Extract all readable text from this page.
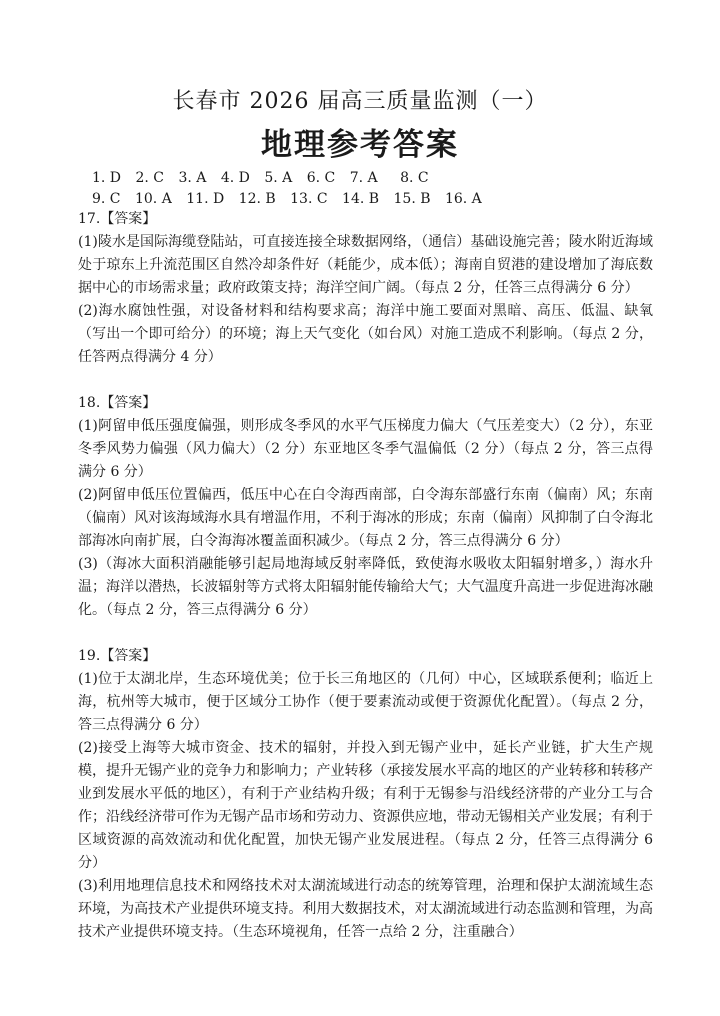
长春市 2026 届高三质量监测（一）
地理参考答案
1. D 2. C 3. A 4. D 5. A 6. C 7. A 8. C
9. C 10. A 11. D 12. B 13. C 14. B 15. B 16. A

17.【答案】

(1)陵水是国际海缆登陆站，可直接连接全球数据网络，（通信）基础设施完善；陵水附近海域处于琼东上升流范围区自然冷却条件好（耗能少，成本低）；海南自贸港的建设增加了海底数据中心的市场需求量；政府政策支持；海洋空间广阔。（每点 2 分，任答三点得满分 6 分）

(2)海水腐蚀性强，对设备材料和结构要求高；海洋中施工要面对黑暗、高压、低温、缺氧（写出一个即可给分）的环境；海上天气变化（如台风）对施工造成不利影响。（每点 2 分，任答两点得满分 4 分）

18.【答案】

(1)阿留申低压强度偏强，则形成冬季风的水平气压梯度力偏大（气压差变大）（2 分），东亚冬季风势力偏强（风力偏大）（2 分）东亚地区冬季气温偏低（2 分）（每点 2 分，答三点得满分 6 分）

(2)阿留申低压位置偏西，低压中心在白令海西南部，白令海东部盛行东南（偏南）风；东南（偏南）风对该海域海水具有增温作用，不利于海冰的形成；东南（偏南）风抑制了白令海北部海冰向南扩展，白令海海冰覆盖面积减少。（每点 2 分，答三点得满分 6 分）

(3)（海冰大面积消融能够引起局地海域反射率降低，致使海水吸收太阳辐射增多，）海水升温；海洋以潜热，长波辐射等方式将太阳辐射能传输给大气；大气温度升高进一步促进海冰融化。（每点 2 分，答三点得满分 6 分）

19.【答案】

(1)位于太湖北岸，生态环境优美；位于长三角地区的（几何）中心，区域联系便利；临近上海，杭州等大城市，便于区域分工协作（便于要素流动或便于资源优化配置）。（每点 2 分，答三点得满分 6 分）

(2)接受上海等大城市资金、技术的辐射，并投入到无锡产业中，延长产业链，扩大生产规模，提升无锡产业的竞争力和影响力；产业转移（承接发展水平高的地区的产业转移和转移产业到发展水平低的地区），有利于产业结构升级；有利于无锡参与沿线经济带的产业分工与合作；沿线经济带可作为无锡产品市场和劳动力、资源供应地，带动无锡相关产业发展；有利于区域资源的高效流动和优化配置，加快无锡产业发展进程。（每点 2 分，任答三点得满分 6 分）

(3)利用地理信息技术和网络技术对太湖流域进行动态的统筹管理，治理和保护太湖流域生态环境，为高技术产业提供环境支持。利用大数据技术，对太湖流域进行动态监测和管理，为高技术产业提供环境支持。（生态环境视角，任答一点给 2 分，注重融合）
